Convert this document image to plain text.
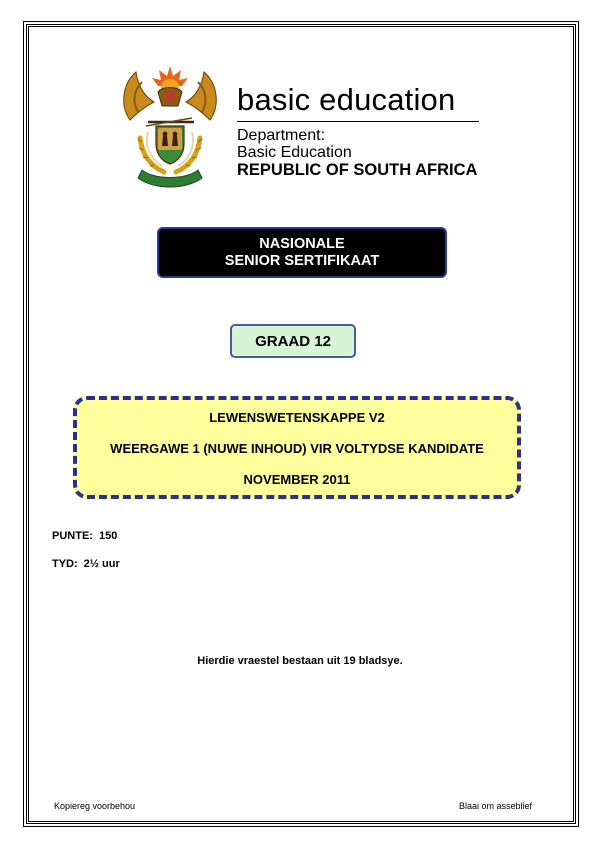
basic education
Department:
Basic Education
REPUBLIC OF SOUTH AFRICA
NASIONALE
SENIOR SERTIFIKAAT
GRAAD 12
LEWENSWETENSKAPPE V2
WEERGAWE 1 (NUWE INHOUD) VIR VOLTYDSE KANDIDATE
NOVEMBER 2011
PUNTE: 150
TYD: 2½ uur
Hierdie vraestel bestaan uit 19 bladsye.
Kopiereg voorbehou	Blaai om asseblief
